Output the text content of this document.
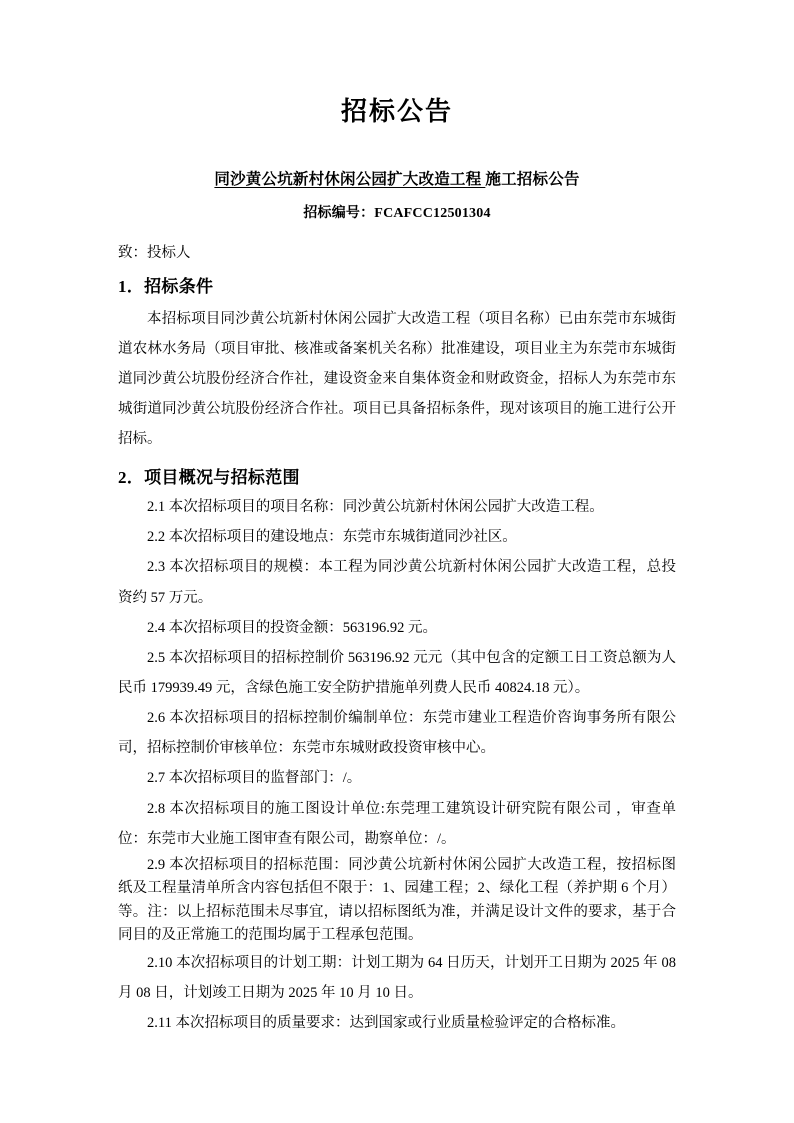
招标公告

同沙黄公坑新村休闲公园扩大改造工程 施工招标公告

招标编号：FCAFCC12501304

致：投标人

1．招标条件

本招标项目同沙黄公坑新村休闲公园扩大改造工程（项目名称）已由东莞市东城街道农林水务局（项目审批、核准或备案机关名称）批准建设，项目业主为东莞市东城街道同沙黄公坑股份经济合作社，建设资金来自集体资金和财政资金，招标人为东莞市东城街道同沙黄公坑股份经济合作社。项目已具备招标条件，现对该项目的施工进行公开招标。

2．项目概况与招标范围

2.1 本次招标项目的项目名称：同沙黄公坑新村休闲公园扩大改造工程。

2.2 本次招标项目的建设地点：东莞市东城街道同沙社区。

2.3 本次招标项目的规模：本工程为同沙黄公坑新村休闲公园扩大改造工程，总投资约 57 万元。

2.4 本次招标项目的投资金额：563196.92 元。

2.5 本次招标项目的招标控制价 563196.92 元元（其中包含的定额工日工资总额为人民币 179939.49 元，含绿色施工安全防护措施单列费人民币 40824.18 元）。

2.6 本次招标项目的招标控制价编制单位：东莞市建业工程造价咨询事务所有限公司，招标控制价审核单位：东莞市东城财政投资审核中心。

2.7 本次招标项目的监督部门：/。

2.8 本次招标项目的施工图设计单位:东莞理工建筑设计研究院有限公司 ，审查单位：东莞市大业施工图审查有限公司，勘察单位：/。

2.9 本次招标项目的招标范围：同沙黄公坑新村休闲公园扩大改造工程，按招标图纸及工程量清单所含内容包括但不限于：1、园建工程；2、绿化工程（养护期 6 个月）等。注：以上招标范围未尽事宜，请以招标图纸为准，并满足设计文件的要求，基于合同目的及正常施工的范围均属于工程承包范围。

2.10 本次招标项目的计划工期：计划工期为 64 日历天，计划开工日期为 2025 年 08 月 08 日，计划竣工日期为 2025 年 10 月 10 日。

2.11 本次招标项目的质量要求：达到国家或行业质量检验评定的合格标准。
